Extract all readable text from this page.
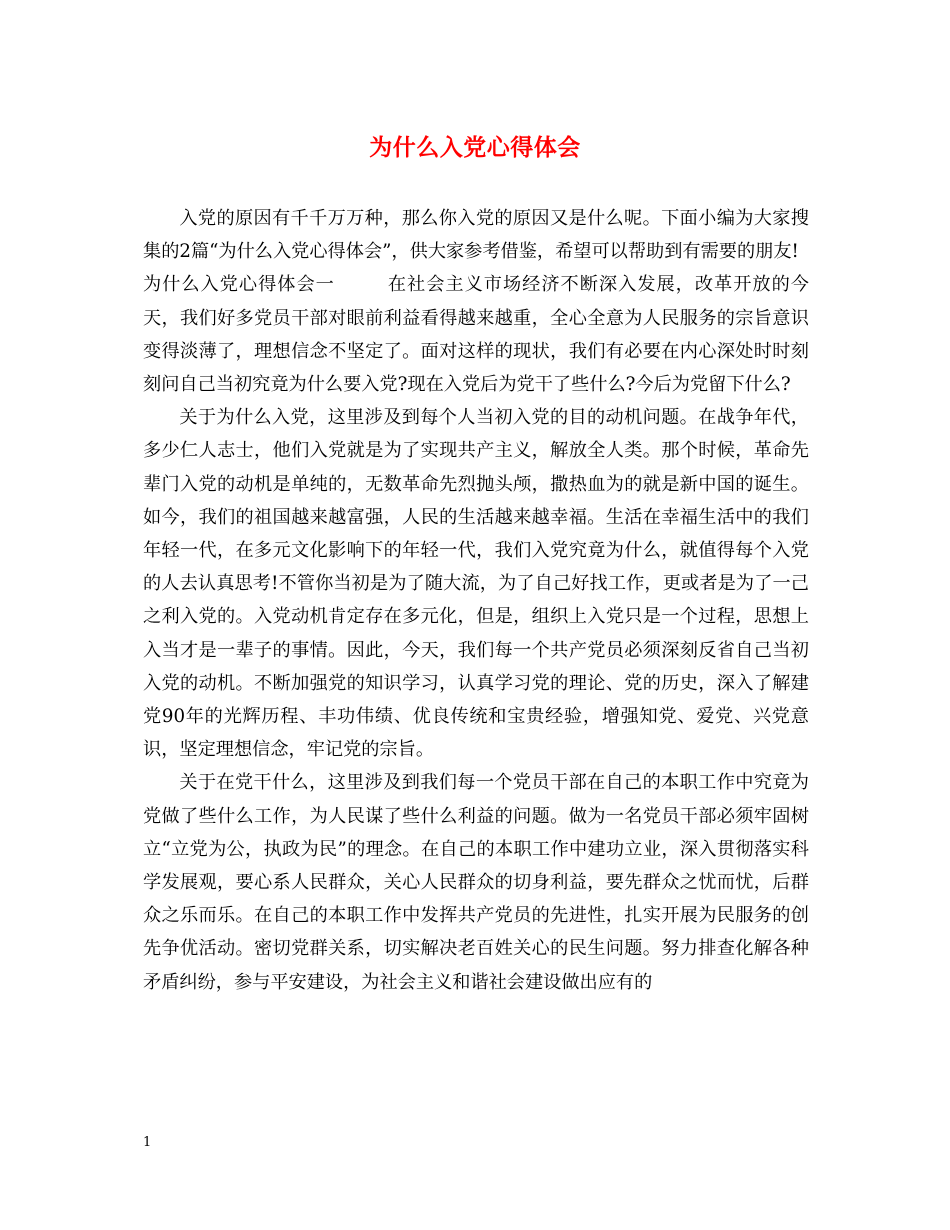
为什么入党心得体会

入党的原因有千千万万种，那么你入党的原因又是什么呢。下面小编为大家搜集的2篇“为什么入党心得体会”，供大家参考借鉴，希望可以帮助到有需要的朋友!

为什么入党心得体会一	在社会主义市场经济不断深入发展，改革开放的今天，我们好多党员干部对眼前利益看得越来越重，全心全意为人民服务的宗旨意识变得淡薄了，理想信念不坚定了。面对这样的现状，我们有必要在内心深处时时刻刻问自己当初究竟为什么要入党?现在入党后为党干了些什么?今后为党留下什么?

关于为什么入党，这里涉及到每个人当初入党的目的动机问题。在战争年代，多少仁人志士，他们入党就是为了实现共产主义，解放全人类。那个时候，革命先辈门入党的动机是单纯的，无数革命先烈抛头颅，撒热血为的就是新中国的诞生。如今，我们的祖国越来越富强，人民的生活越来越幸福。生活在幸福生活中的我们年轻一代，在多元文化影响下的年轻一代，我们入党究竟为什么，就值得每个入党的人去认真思考!不管你当初是为了随大流，为了自己好找工作，更或者是为了一己之利入党的。入党动机肯定存在多元化，但是，组织上入党只是一个过程，思想上入当才是一辈子的事情。因此，今天，我们每一个共产党员必须深刻反省自己当初入党的动机。不断加强党的知识学习，认真学习党的理论、党的历史，深入了解建党90年的光辉历程、丰功伟绩、优良传统和宝贵经验，增强知党、爱党、兴党意识，坚定理想信念，牢记党的宗旨。

关于在党干什么，这里涉及到我们每一个党员干部在自己的本职工作中究竟为党做了些什么工作，为人民谋了些什么利益的问题。做为一名党员干部必须牢固树立“立党为公，执政为民”的理念。在自己的本职工作中建功立业，深入贯彻落实科学发展观，要心系人民群众，关心人民群众的切身利益，要先群众之忧而忧，后群众之乐而乐。在自己的本职工作中发挥共产党员的先进性，扎实开展为民服务的创先争优活动。密切党群关系，切实解决老百姓关心的民生问题。努力排查化解各种矛盾纠纷，参与平安建设，为社会主义和谐社会建设做出应有的

1
